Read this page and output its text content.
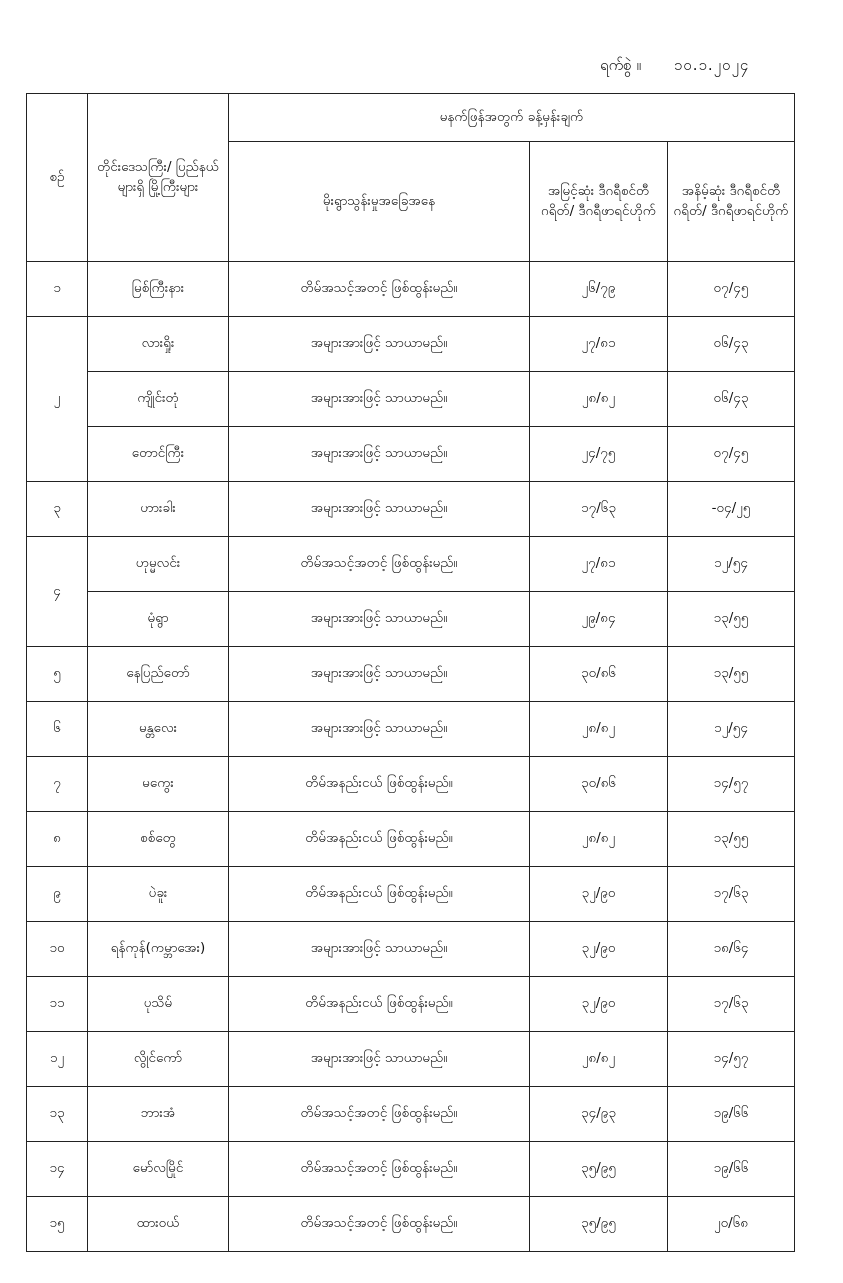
ရက်စွဲ ။ ၁၀.၁.၂၀၂၄
စဉ်	တိုင်းဒေသကြီး/ ပြည်နယ်များရှိ မြို့ကြီးများ	မနက်ဖြန်အတွက် ခန့်မှန်းချက်		
		မိုးရွာသွန်းမှုအခြေအနေ	အမြင့်ဆုံး ဒီဂရီစင်တီဂရိတ်/ ဒီဂရီဖာရင်ဟိုက်	အနိမ့်ဆုံး ဒီဂရီစင်တီဂရိတ်/ ဒီဂရီဖာရင်ဟိုက်
၁	မြစ်ကြီးနား	တိမ်အသင့်အတင့် ဖြစ်ထွန်းမည်။	၂၆/၇၉	၀၇/၄၅
၂	လားရှိုး	အများအားဖြင့် သာယာမည်။	၂၇/၈၁	၀၆/၄၃
	ကျိုင်းတုံ	အများအားဖြင့် သာယာမည်။	၂၈/၈၂	၀၆/၄၃
	တောင်ကြီး	အများအားဖြင့် သာယာမည်။	၂၄/၇၅	၀၇/၄၅
၃	ဟားခါး	အများအားဖြင့် သာယာမည်။	၁၇/၆၃	-၀၄/၂၅
၄	ဟုမ္မလင်း	တိမ်အသင့်အတင့် ဖြစ်ထွန်းမည်။	၂၇/၈၁	၁၂/၅၄
	မုံရွာ	အများအားဖြင့် သာယာမည်။	၂၉/၈၄	၁၃/၅၅
၅	နေပြည်တော်	အများအားဖြင့် သာယာမည်။	၃၀/၈၆	၁၃/၅၅
၆	မန္တလေး	အများအားဖြင့် သာယာမည်။	၂၈/၈၂	၁၂/၅၄
၇	မကွေး	တိမ်အနည်းငယ် ဖြစ်ထွန်းမည်။	၃၀/၈၆	၁၄/၅၇
၈	စစ်တွေ	တိမ်အနည်းငယ် ဖြစ်ထွန်းမည်။	၂၈/၈၂	၁၃/၅၅
၉	ပဲခူး	တိမ်အနည်းငယ် ဖြစ်ထွန်းမည်။	၃၂/၉၀	၁၇/၆၃
၁၀	ရန်ကုန်(ကမ္ဘာအေး)	အများအားဖြင့် သာယာမည်။	၃၂/၉၀	၁၈/၆၄
၁၁	ပုသိမ်	တိမ်အနည်းငယ် ဖြစ်ထွန်းမည်။	၃၂/၉၀	၁၇/၆၃
၁၂	လွိုင်ကော်	အများအားဖြင့် သာယာမည်။	၂၈/၈၂	၁၄/၅၇
၁၃	ဘားအံ	တိမ်အသင့်အတင့် ဖြစ်ထွန်းမည်။	၃၄/၉၃	၁၉/၆၆
၁၄	မော်လမြိုင်	တိမ်အသင့်အတင့် ဖြစ်ထွန်းမည်။	၃၅/၉၅	၁၉/၆၆
၁၅	ထားဝယ်	တိမ်အသင့်အတင့် ဖြစ်ထွန်းမည်။	၃၅/၉၅	၂၀/၆၈
